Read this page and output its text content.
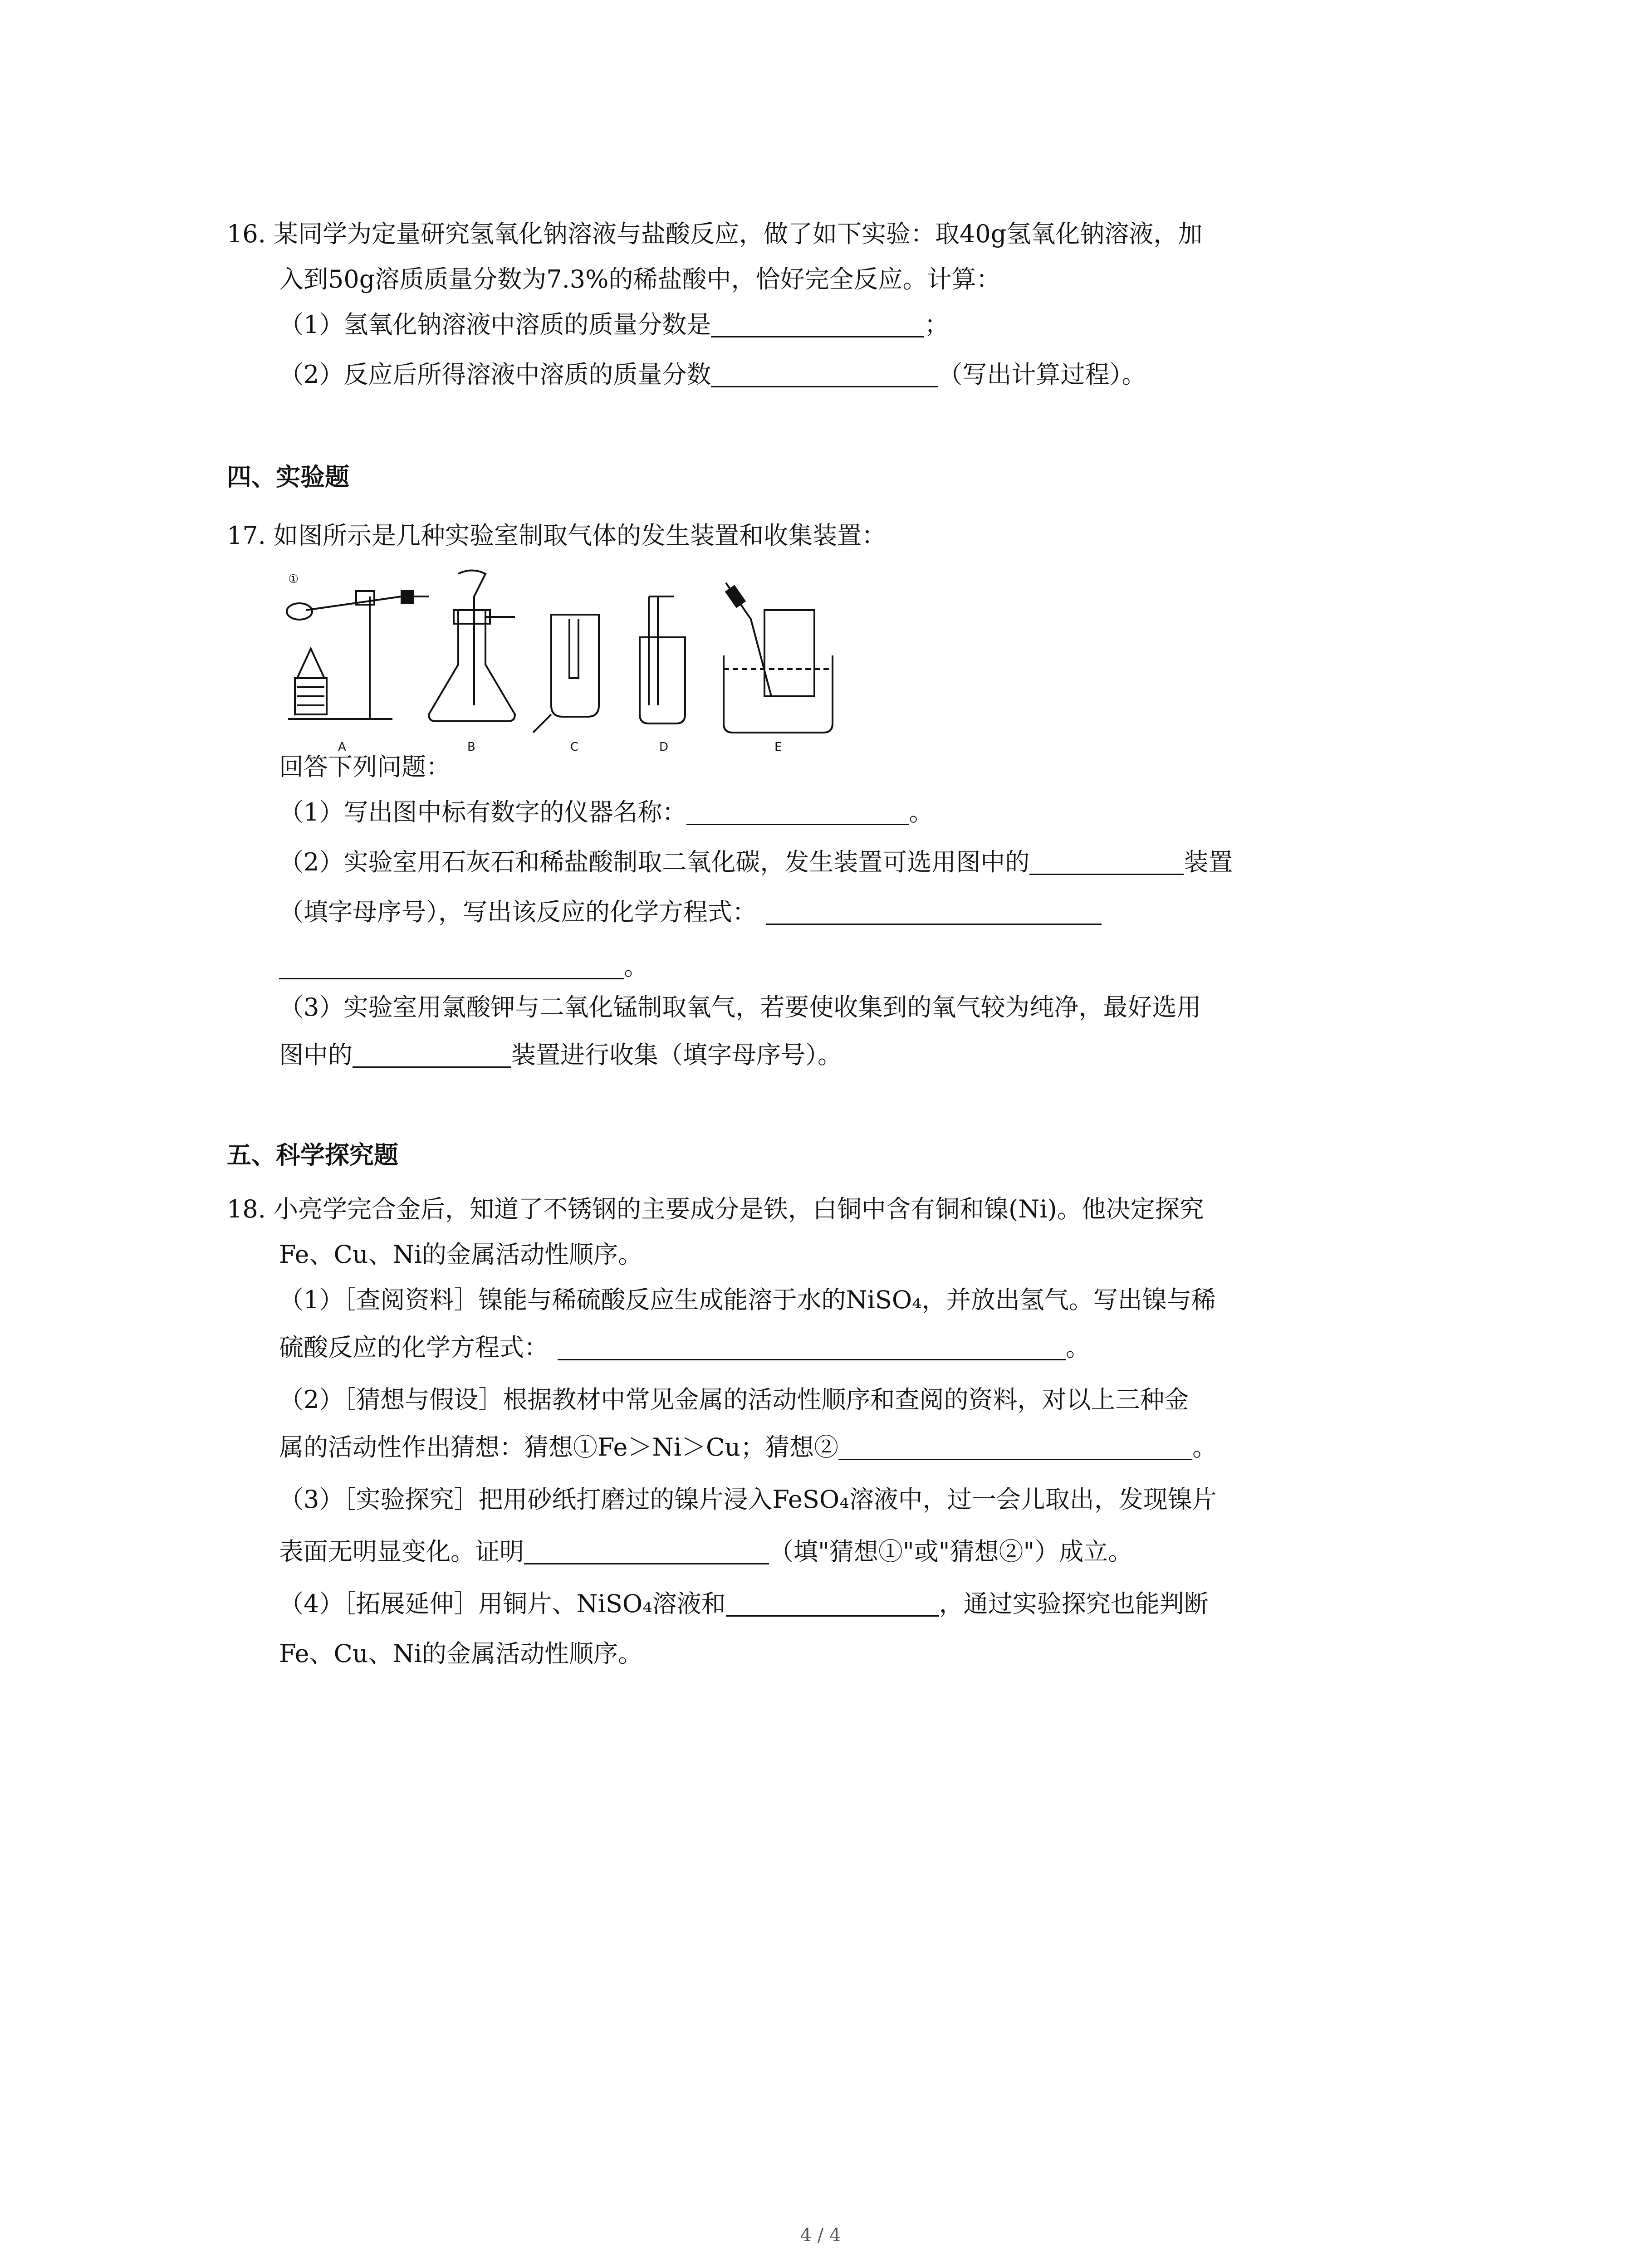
16. 某同学为定量研究氢氧化钠溶液与盐酸反应，做了如下实验：取40g氢氧化钠溶液，加
入到50g溶质质量分数为7.3%的稀盐酸中，恰好完全反应。计算：
（1）氢氧化钠溶液中溶质的质量分数是	；
（2）反应后所得溶液中溶质的质量分数	（写出计算过程）。
四、实验题
17. 如图所示是几种实验室制取气体的发生装置和收集装置：
①
A	B	C	D	E
回答下列问题：
（1）写出图中标有数字的仪器名称：	。
（2）实验室用石灰石和稀盐酸制取二氧化碳，发生装置可选用图中的	装置
（填字母序号），写出该反应的化学方程式：
。
（3）实验室用氯酸钾与二氧化锰制取氧气，若要使收集到的氧气较为纯净，最好选用
图中的	装置进行收集（填字母序号）。
五、科学探究题
18. 小亮学完合金后，知道了不锈钢的主要成分是铁，白铜中含有铜和镍(Ni)。他决定探究
Fe、Cu、Ni的金属活动性顺序。
（1）［查阅资料］镍能与稀硫酸反应生成能溶于水的NiSO₄，并放出氢气。写出镍与稀
硫酸反应的化学方程式：	。
（2）［猜想与假设］根据教材中常见金属的活动性顺序和查阅的资料，对以上三种金
属的活动性作出猜想：猜想①Fe＞Ni＞Cu；猜想②	。
（3）［实验探究］把用砂纸打磨过的镍片浸入FeSO₄溶液中，过一会儿取出，发现镍片
表面无明显变化。证明	（填"猜想①"或"猜想②"）成立。
（4）［拓展延伸］用铜片、NiSO₄溶液和	，通过实验探究也能判断
Fe、Cu、Ni的金属活动性顺序。
4 / 4
